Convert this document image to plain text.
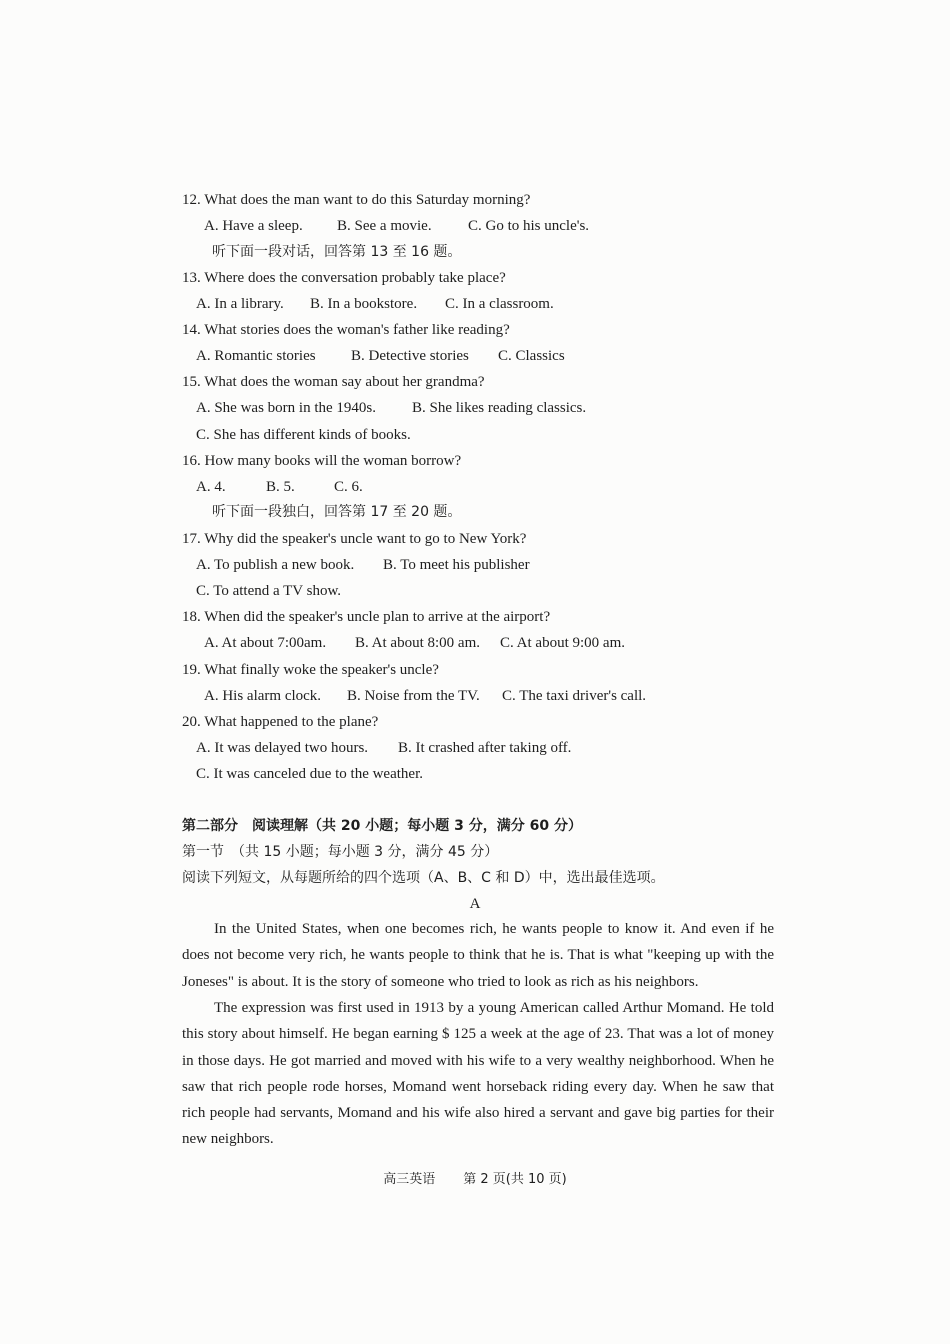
12. What does the man want to do this Saturday morning?
A. Have a sleep. B. See a movie. C. Go to his uncle's.
听下面一段对话，回答第 13 至 16 题。
13. Where does the conversation probably take place?
A. In a library. B. In a bookstore. C. In a classroom.
14. What stories does the woman's father like reading?
A. Romantic stories B. Detective stories C. Classics
15. What does the woman say about her grandma?
A. She was born in the 1940s. B. She likes reading classics.
C. She has different kinds of books.
16. How many books will the woman borrow?
A. 4.	B. 5.	C. 6.
听下面一段独白，回答第 17 至 20 题。
17. Why did the speaker's uncle want to go to New York?
A. To publish a new book. B. To meet his publisher
C. To attend a TV show.
18. When did the speaker's uncle plan to arrive at the airport?
A. At about 7:00am. B. At about 8:00 am. C. At about 9:00 am.
19. What finally woke the speaker's uncle?
A. His alarm clock. B. Noise from the TV. C. The taxi driver's call.
20. What happened to the plane?
A. It was delayed two hours. B. It crashed after taking off.
C. It was canceled due to the weather.
第二部分　阅读理解（共 20 小题；每小题 3 分，满分 60 分）
第一节　（共 15 小题；每小题 3 分，满分 45 分）
阅读下列短文，从每题所给的四个选项（A、B、C 和 D）中，选出最佳选项。
A
In the United States, when one becomes rich, he wants people to know it. And even if he does not become very rich, he wants people to think that he is. That is what "keeping up with the Joneses" is about. It is the story of someone who tried to look as rich as his neighbors.
The expression was first used in 1913 by a young American called Arthur Momand. He told this story about himself. He began earning $ 125 a week at the age of 23. That was a lot of money in those days. He got married and moved with his wife to a very wealthy neighborhood. When he saw that rich people rode horses, Momand went horseback riding every day. When he saw that rich people had servants, Momand and his wife also hired a servant and gave big parties for their new neighbors.
高三英语 第 2 页(共 10 页)
